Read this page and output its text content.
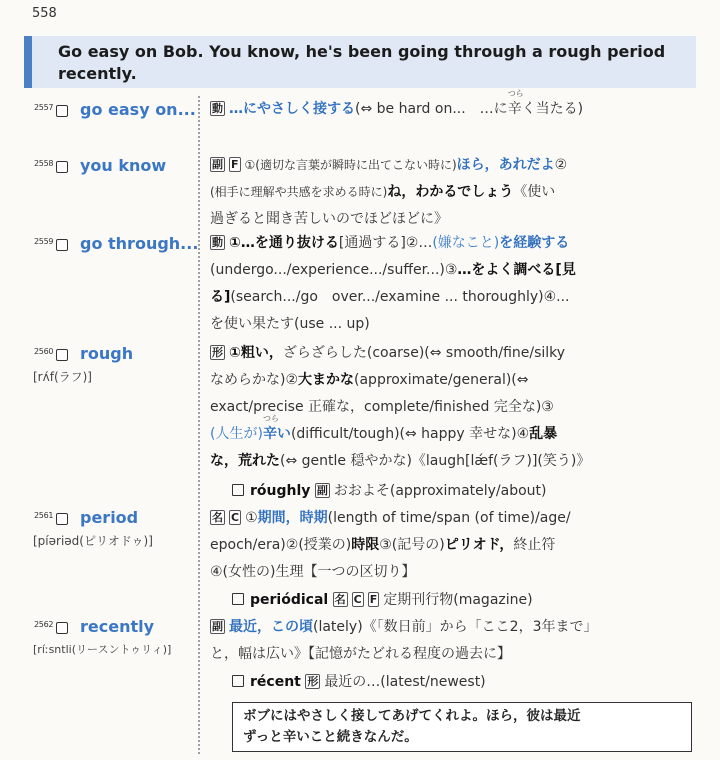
558
Go easy on Bob. You know, he's been going through a rough period recently.
2557 go easy on... 動 …にやさしく接する(⇔ be hard on...　…に
つら
辛く当たる)
2558 you know	副 F ①(適切な言葉が瞬時に出てこない時に)ほら，あれだよ②
(相手に理解や共感を求める時に)ね，わかるでしょう《使い
過ぎると聞き苦しいのでほどほどに》
2559 go through... 動 ①…を通り抜ける[通過する]②…(嫌なこと)を経験する
(undergo.../experience.../suffer...)③…をよく調べる[見
る](search.../go　over.../examine ... thoroughly)④...
を使い果たす(use ... up)
2560 rough
[rʌ́f(ラフ)]
形 ①粗い，ざらざらした(coarse)(⇔ smooth/fine/silky
なめらかな)②大まかな(approximate/general)(⇔
exact/precise 正確な，complete/finished 完全な)③
(人生が)
つら
辛い(difficult/tough)(⇔ happy 幸せな)④乱暴
な，荒れた(⇔ gentle 穏やかな)《laugh[lǽf(ラフ)](笑う)》
róughly 副 おおよそ(approximately/about)
2561 period
[píəriəd(ピリオドゥ)]
名 C ①期間，時期(length of time/span (of time)/age/
epoch/era)②(授業の)時限③(記号の)ピリオド，終止符
④(女性の)生理【一つの区切り】
periódical 名 C F 定期刊行物(magazine)
2562 recently
[ríːsntli(リースントゥリィ)]
副 最近，この頃(lately)《「数日前」から「ここ2，3年まで」
と，幅は広い》【記憶がたどれる程度の過去に】
récent 形 最近の…(latest/newest)
ボブにはやさしく接してあげてくれよ。ほら，彼は最近
ずっと辛いこと続きなんだ。
